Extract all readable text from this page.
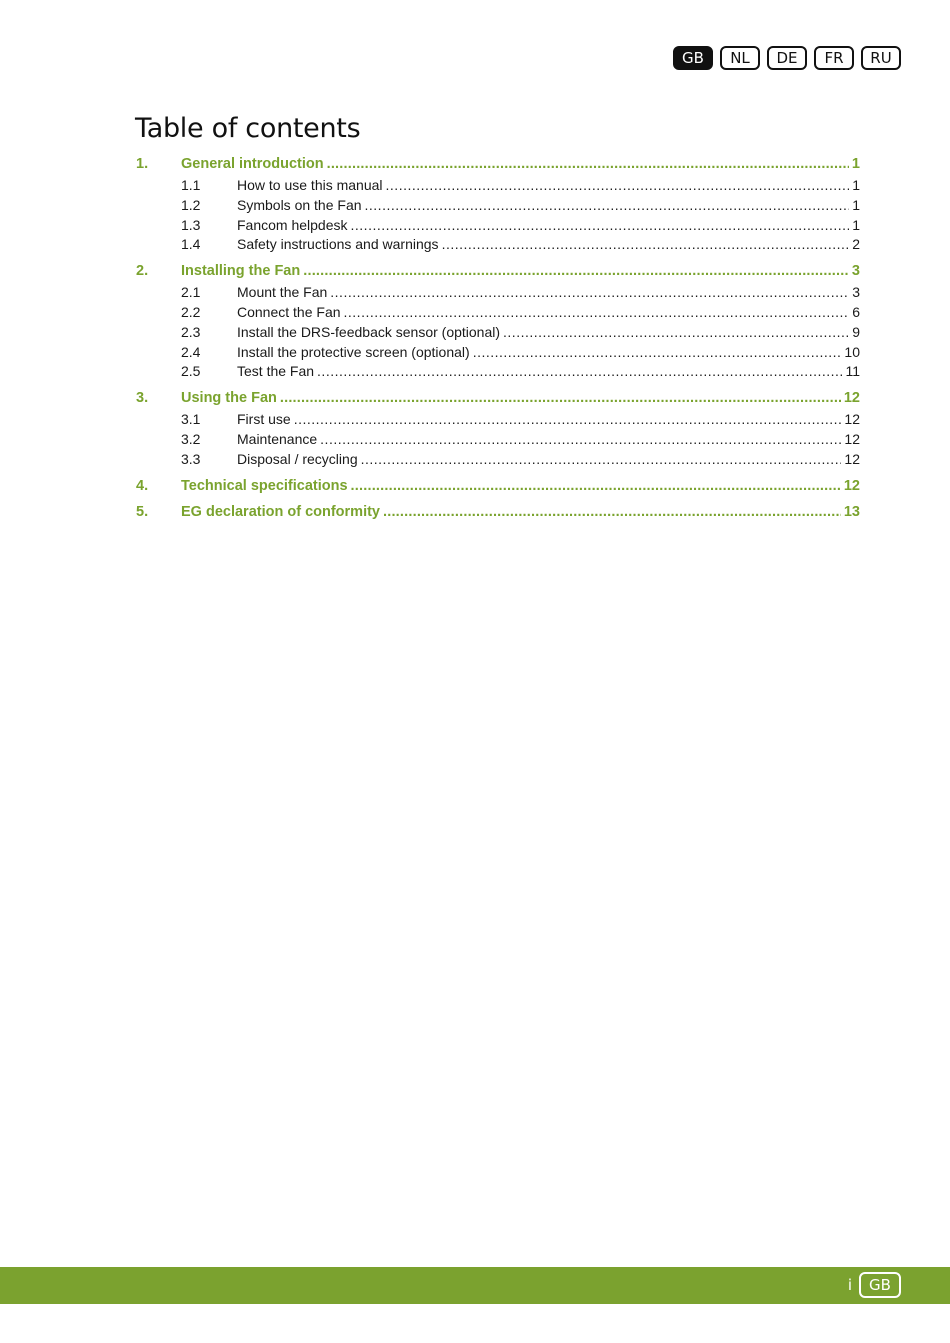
GB	NL	DE	FR	RU
Table of contents
1.	General introduction .....	1
1.1	How to use this manual .....	1
1.2	Symbols on the Fan .....	1
1.3	Fancom helpdesk .....	1
1.4	Safety instructions and warnings .....	2
2.	Installing the Fan .....	3
2.1	Mount the Fan .....	3
2.2	Connect the Fan .....	6
2.3	Install the DRS-feedback sensor (optional) .....	9
2.4	Install the protective screen (optional) .....	10
2.5	Test the Fan .....	11
3.	Using the Fan .....	12
3.1	First use .....	12
3.2	Maintenance .....	12
3.3	Disposal / recycling .....	12
4.	Technical specifications .....	12
5.	EG declaration of conformity .....	13
i	GB
